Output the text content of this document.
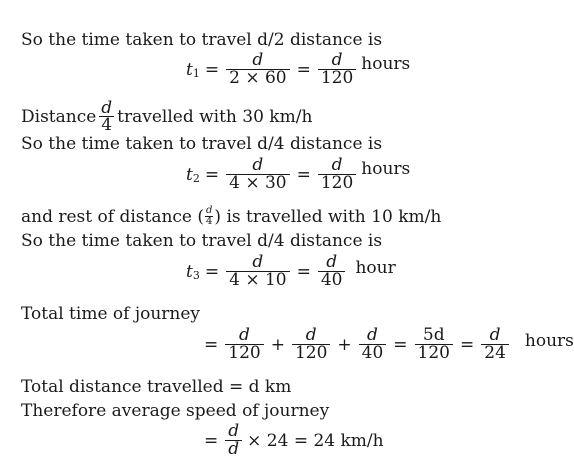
So the time taken to travel d/2 distance is
t $1 = \frac{d}{2 \times 60} = \frac{d}{120}$ hours
Distance $\frac{d}{4}$ travelled with 30 km/h
So the time taken to travel d/4 distance is
t $2 = \frac{d}{4 \times 30} = \frac{d}{120}$ hours
and rest of distance ( $\frac{d}{4}$ ) is travelled with 10 km/h
So the time taken to travel d/4 distance is
t $3 = \frac{d}{4 \times 10} = \frac{d}{40}$ hour
Total time of journey
= $\frac{d}{120} + \frac{d}{120} + \frac{d}{40} = \frac{5d}{120} = \frac{d}{24}$ hours
Total distance travelled = d km
Therefore average speed of journey
= $\frac{d}{d} \times 24 = 24$ km/h
